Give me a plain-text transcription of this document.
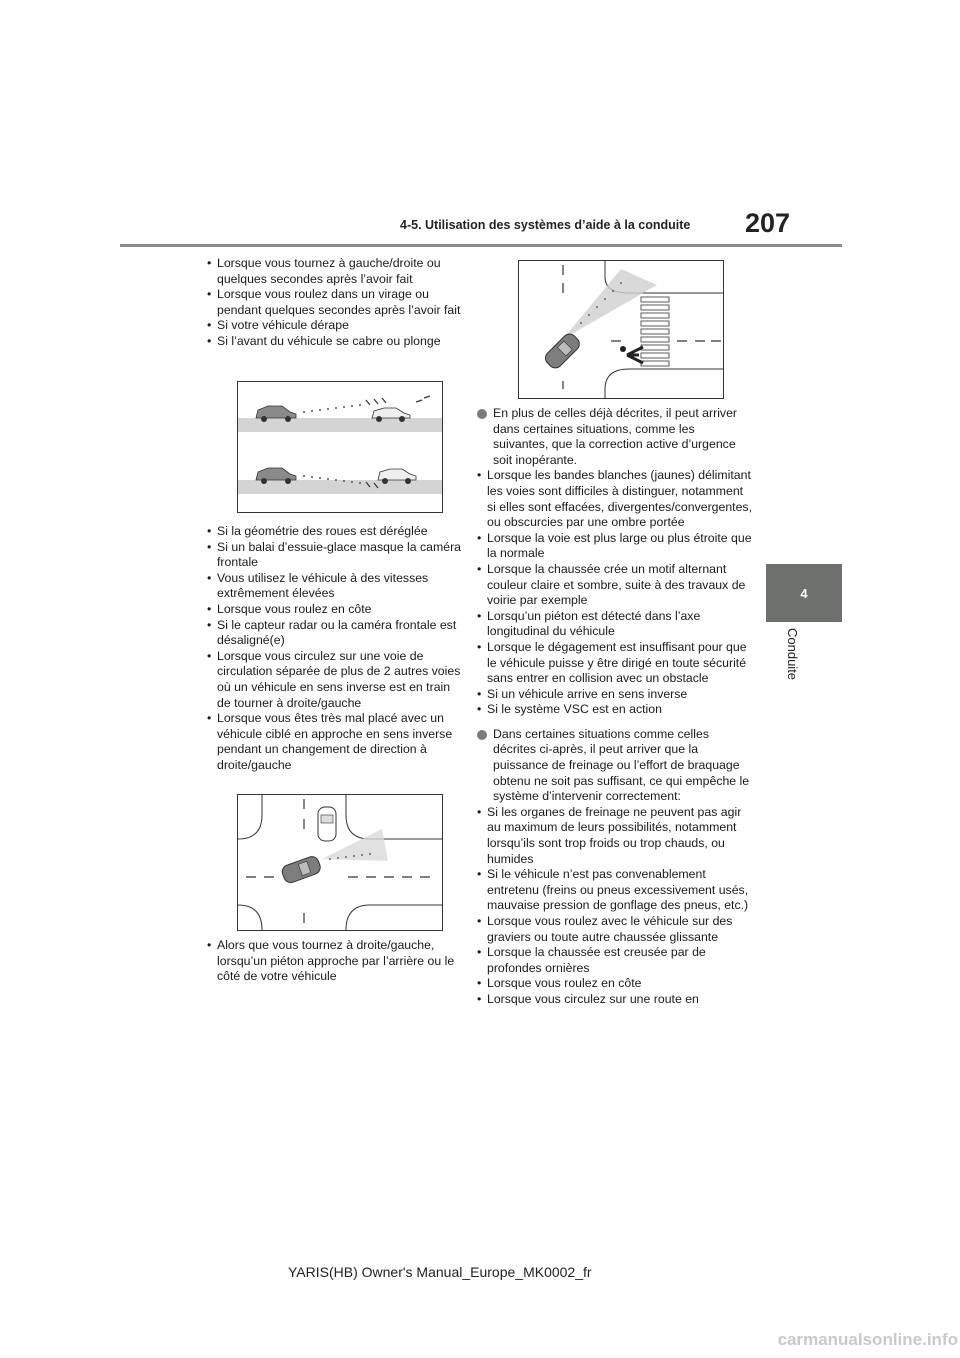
4-5. Utilisation des systèmes d’aide à la conduite	207
4
Conduite
• Lorsque vous tournez à gauche/droite ou quelques secondes après l’avoir fait
• Lorsque vous roulez dans un virage ou pendant quelques secondes après l’avoir fait
• Si votre véhicule dérape
• Si l’avant du véhicule se cabre ou plonge
• Si la géométrie des roues est déréglée
• Si un balai d’essuie-glace masque la caméra frontale
• Vous utilisez le véhicule à des vitesses extrêmement élevées
• Lorsque vous roulez en côte
• Si le capteur radar ou la caméra frontale est désaligné(e)
• Lorsque vous circulez sur une voie de circulation séparée de plus de 2 autres voies où un véhicule en sens inverse est en train de tourner à droite/gauche
• Lorsque vous êtes très mal placé avec un véhicule ciblé en approche en sens inverse pendant un changement de direction à droite/gauche
• Alors que vous tournez à droite/gauche, lorsqu’un piéton approche par l’arrière ou le côté de votre véhicule
En plus de celles déjà décrites, il peut arriver dans certaines situations, comme les suivantes, que la correction active d’urgence soit inopérante.
• Lorsque les bandes blanches (jaunes) délimitant les voies sont difficiles à distinguer, notamment si elles sont effacées, divergentes/convergentes, ou obscurcies par une ombre portée
• Lorsque la voie est plus large ou plus étroite que la normale
• Lorsque la chaussée crée un motif alternant couleur claire et sombre, suite à des travaux de voirie par exemple
• Lorsqu’un piéton est détecté dans l’axe longitudinal du véhicule
• Lorsque le dégagement est insuffisant pour que le véhicule puisse y être dirigé en toute sécurité sans entrer en collision avec un obstacle
• Si un véhicule arrive en sens inverse
• Si le système VSC est en action
Dans certaines situations comme celles décrites ci-après, il peut arriver que la puissance de freinage ou l’effort de braquage obtenu ne soit pas suffisant, ce qui empêche le système d’intervenir correctement:
• Si les organes de freinage ne peuvent pas agir au maximum de leurs possibilités, notamment lorsqu’ils sont trop froids ou trop chauds, ou humides
• Si le véhicule n’est pas convenablement entretenu (freins ou pneus excessivement usés, mauvaise pression de gonflage des pneus, etc.)
• Lorsque vous roulez avec le véhicule sur des graviers ou toute autre chaussée glissante
• Lorsque la chaussée est creusée par de profondes ornières
• Lorsque vous roulez en côte
• Lorsque vous circulez sur une route en
YARIS(HB) Owner's Manual_Europe_MK0002_fr
carmanualsonline.info
